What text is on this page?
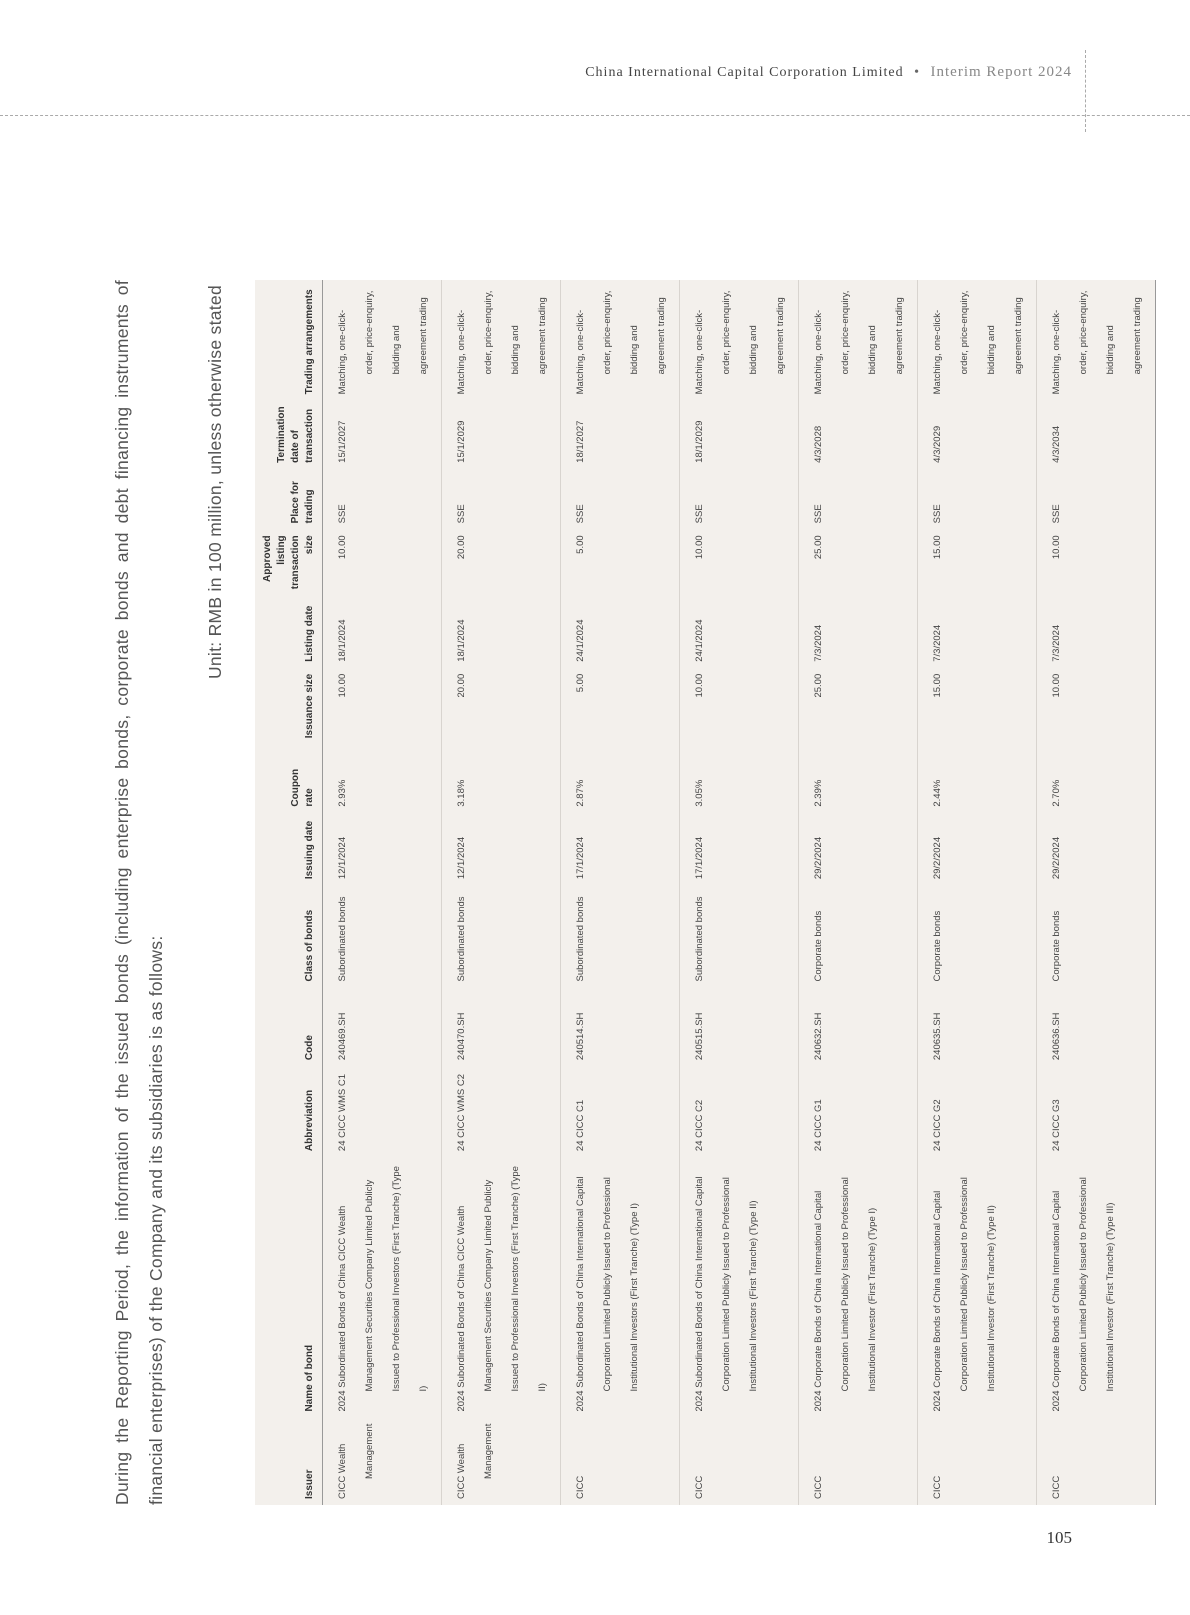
China International Capital Corporation Limited • Interim Report 2024
During the Reporting Period, the information of the issued bonds (including enterprise bonds, corporate bonds and debt financing instruments of financial enterprises) of the Company and its subsidiaries is as follows:
Unit: RMB in 100 million, unless otherwise stated
Issuer	Name of bond	Abbreviation	Code	Class of bonds	Issuing date	Coupon rate	Issuance size	Listing date	Approved listing transaction size	Place for trading	Termination date of transaction	Trading arrangements
CICC Wealth Management	2024 Subordinated Bonds of China CICC Wealth Management Securities Company Limited Publicly Issued to Professional Investors (First Tranche) (Type I)	24 CICC WMS C1	240469.SH	Subordinated bonds	12/1/2024	2.93%	10.00	18/1/2024	10.00	SSE	15/1/2027	Matching, one-click-order, price-enquiry, bidding and agreement trading
CICC Wealth Management	2024 Subordinated Bonds of China CICC Wealth Management Securities Company Limited Publicly Issued to Professional Investors (First Tranche) (Type II)	24 CICC WMS C2	240470.SH	Subordinated bonds	12/1/2024	3.18%	20.00	18/1/2024	20.00	SSE	15/1/2029	Matching, one-click-order, price-enquiry, bidding and agreement trading
CICC	2024 Subordinated Bonds of China International Capital Corporation Limited Publicly Issued to Professional Institutional Investors (First Tranche) (Type I)	24 CICC C1	240514.SH	Subordinated bonds	17/1/2024	2.87%	5.00	24/1/2024	5.00	SSE	18/1/2027	Matching, one-click-order, price-enquiry, bidding and agreement trading
CICC	2024 Subordinated Bonds of China International Capital Corporation Limited Publicly Issued to Professional Institutional Investors (First Tranche) (Type II)	24 CICC C2	240515.SH	Subordinated bonds	17/1/2024	3.05%	10.00	24/1/2024	10.00	SSE	18/1/2029	Matching, one-click-order, price-enquiry, bidding and agreement trading
CICC	2024 Corporate Bonds of China International Capital Corporation Limited Publicly Issued to Professional Institutional Investor (First Tranche) (Type I)	24 CICC G1	240632.SH	Corporate bonds	29/2/2024	2.39%	25.00	7/3/2024	25.00	SSE	4/3/2028	Matching, one-click-order, price-enquiry, bidding and agreement trading
CICC	2024 Corporate Bonds of China International Capital Corporation Limited Publicly Issued to Professional Institutional Investor (First Tranche) (Type II)	24 CICC G2	240635.SH	Corporate bonds	29/2/2024	2.44%	15.00	7/3/2024	15.00	SSE	4/3/2029	Matching, one-click-order, price-enquiry, bidding and agreement trading
CICC	2024 Corporate Bonds of China International Capital Corporation Limited Publicly Issued to Professional Institutional Investor (First Tranche) (Type III)	24 CICC G3	240636.SH	Corporate bonds	29/2/2024	2.70%	10.00	7/3/2024	10.00	SSE	4/3/2034	Matching, one-click-order, price-enquiry, bidding and agreement trading
105
